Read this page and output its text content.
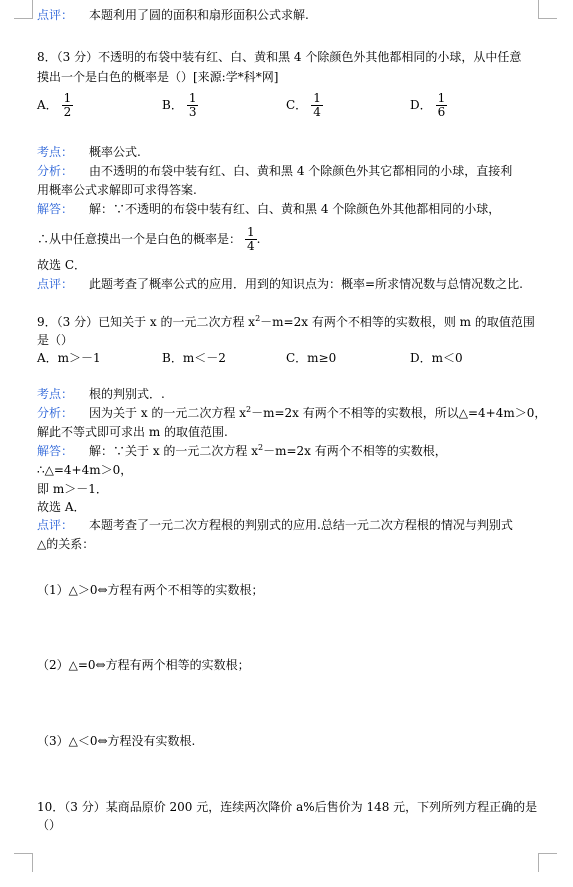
点评： 本题利用了圆的面积和扇形面积公式求解.
8．（3 分）不透明的布袋中装有红、白、黄和黑 4 个除颜色外其他都相同的小球，从中任意
摸出一个是白色的概率是（）[来源:学*科*网]
A． $\frac{1}{2}$	B． $\frac{1}{3}$	C． $\frac{1}{4}$	D． $\frac{1}{6}$
考点： 概率公式.
分析： 由不透明的布袋中装有红、白、黄和黑 4 个除颜色外其它都相同的小球，直接利
用概率公式求解即可求得答案.
解答： 解：∵不透明的布袋中装有红、白、黄和黑 4 个除颜色外其他都相同的小球，
∴从中任意摸出一个是白色的概率是： $\frac{1}{4}$ .
故选 C．
点评： 此题考查了概率公式的应用．用到的知识点为：概率=所求情况数与总情况数之比.
9．（3 分）已知关于 x 的一元二次方程 $x^2-m=2x$ 有两个不相等的实数根，则 m 的取值范围
是（）
A．m＞－1	B．m＜－2	C．m≥0	D．m＜0
考点： 根的判别式．.
分析： 因为关于 x 的一元二次方程 $x^2-m=2x$ 有两个不相等的实数根，所以△=4+4m＞0，
解此不等式即可求出 m 的取值范围.
解答： 解：∵关于 x 的一元二次方程 $x^2-m=2x$ 有两个不相等的实数根，
∴△=4+4m＞0，
即 m＞－1．
故选 A．
点评： 本题考查了一元二次方程根的判别式的应用.总结一元二次方程根的情况与判别式
△的关系：
（1）△＞0⇔方程有两个不相等的实数根；
（2）△=0⇔方程有两个相等的实数根；
（3）△＜0⇔方程没有实数根.
10．（3 分）某商品原价 200 元，连续两次降价 a%后售价为 148 元，下列所列方程正确的是
（）
